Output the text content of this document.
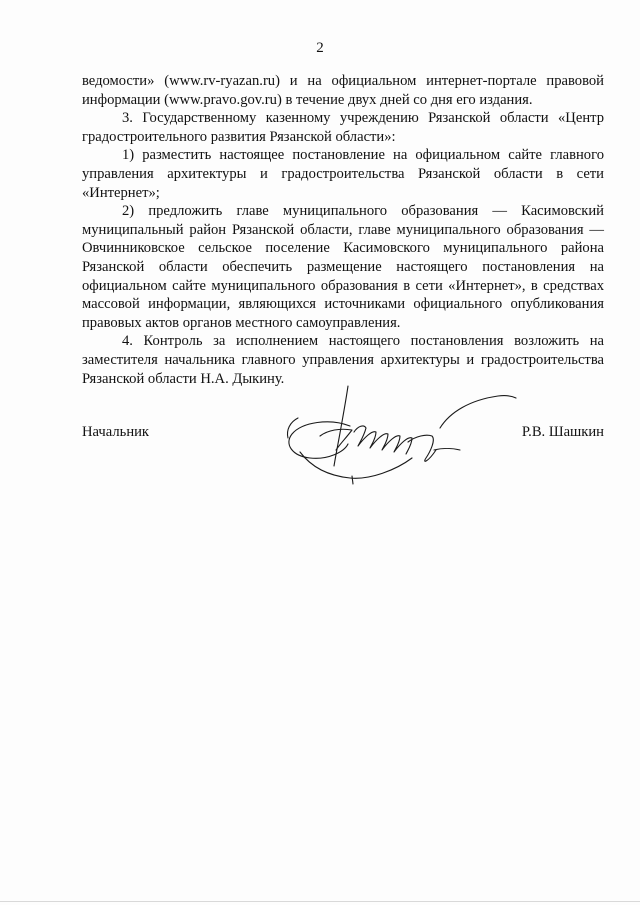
2

ведомости» (www.rv-ryazan.ru) и на официальном интернет-портале правовой информации (www.pravo.gov.ru) в течение двух дней со дня его издания.

3. Государственному казенному учреждению Рязанской области «Центр градостроительного развития Рязанской области»:

1) разместить настоящее постановление на официальном сайте главного управления архитектуры и градостроительства Рязанской области в сети «Интернет»;

2) предложить главе муниципального образования — Касимовский муниципальный район Рязанской области, главе муниципального образования — Овчинниковское сельское поселение Касимовского муниципального района Рязанской области обеспечить размещение настоящего постановления на официальном сайте муниципального образования в сети «Интернет», в средствах массовой информации, являющихся источниками официального опубликования правовых актов органов местного самоуправления.

4. Контроль за исполнением настоящего постановления возложить на заместителя начальника главного управления архитектуры и градостроительства Рязанской области Н.А. Дыкину.

Начальник	Р.В. Шашкин
